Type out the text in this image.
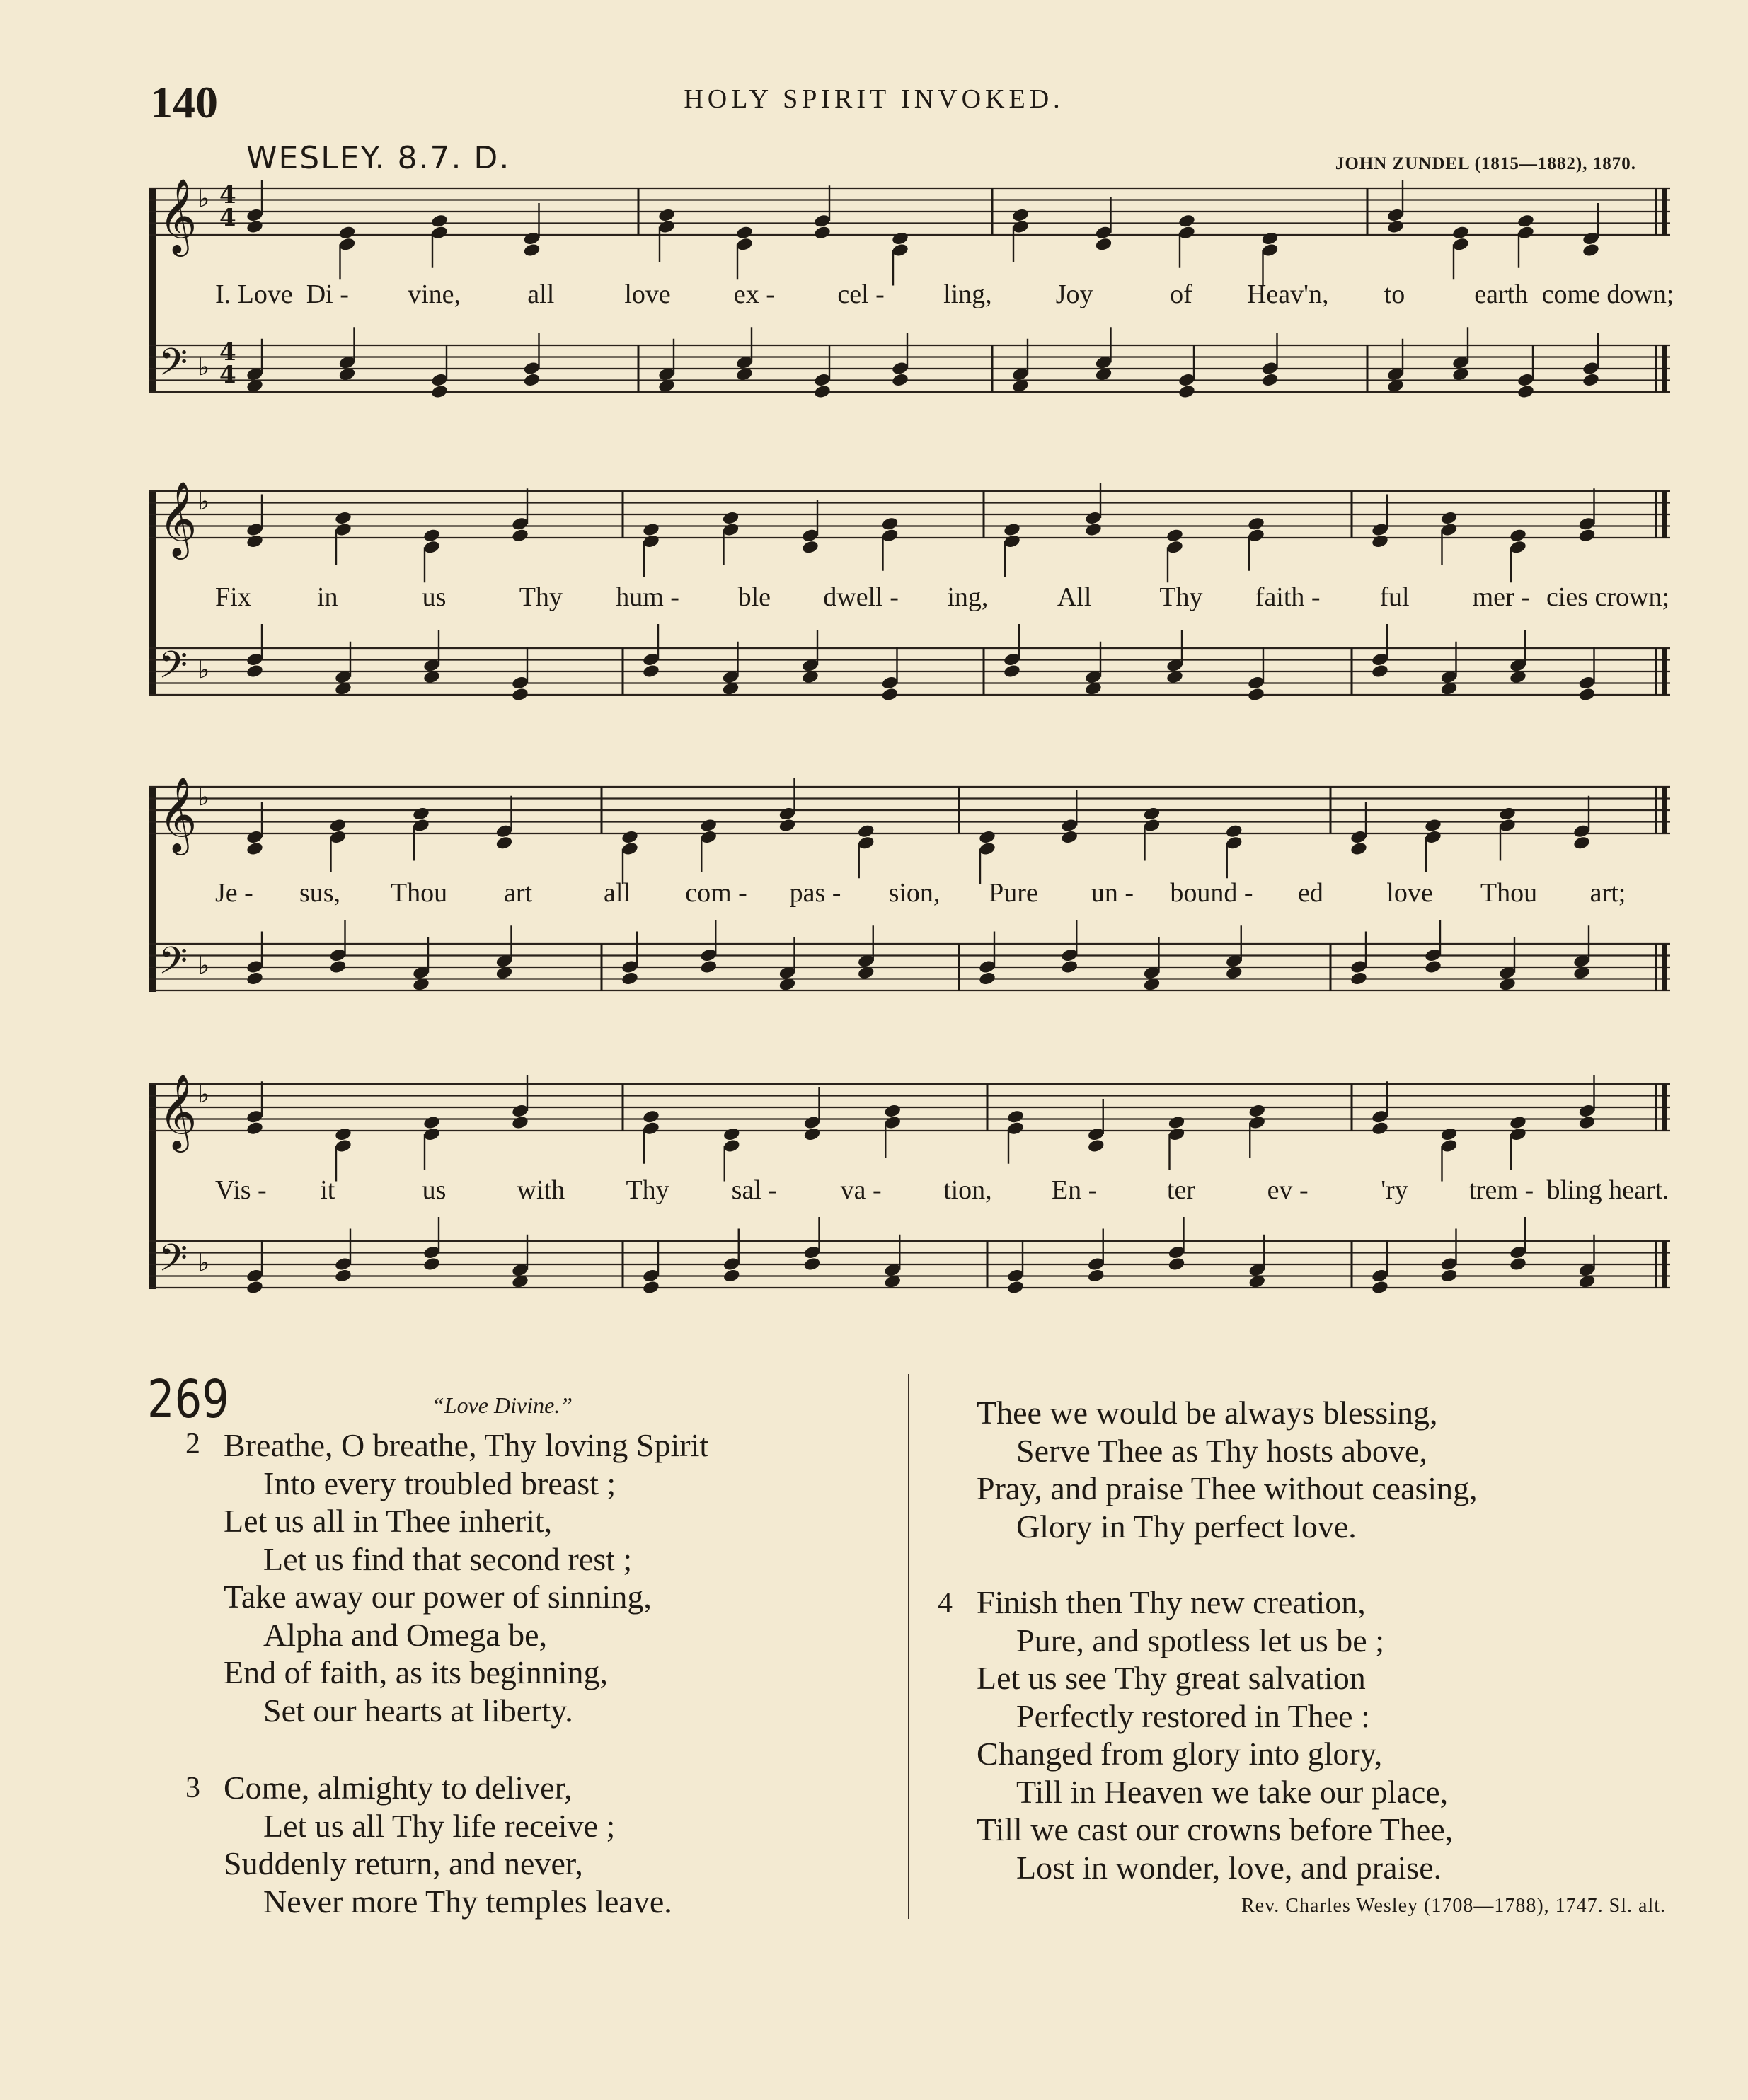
140	HOLY SPIRIT INVOKED.
WESLEY. 8.7. D.	JOHN ZUNDEL (1815—1882), 1870.
𝄞 ♭
𝄢 ♭
I. Love Di - vine, all	love ex - cel - ling, Joy	of Heav'n, to	earth come down;
4
4
4
4
𝄞 ♭
𝄢 ♭
Fix in	us	Thy hum - ble dwell - ing,	All	Thy faith - ful mer - cies crown;
𝄞 ♭
𝄢 ♭
Je - sus, Thou art	all com - pas - sion, Pure un - bound - ed love Thou art;
𝄞 ♭
𝄢 ♭
Vis - it	us	with Thy sal - va - tion, En -	ter	ev -	'ry trem - bling heart.
269	“Love Divine.”
2 Breathe, O breathe, Thy loving Spirit
Into every troubled breast ;
Let us all in Thee inherit,
Let us find that second rest ;
Take away our power of sinning,
Alpha and Omega be,
End of faith, as its beginning,
Set our hearts at liberty.
3 Come, almighty to deliver,
Let us all Thy life receive ;
Suddenly return, and never,
Never more Thy temples leave.
Thee we would be always blessing,
Serve Thee as Thy hosts above,
Pray, and praise Thee without ceasing,
Glory in Thy perfect love.
4 Finish then Thy new creation,
Pure, and spotless let us be ;
Let us see Thy great salvation
Perfectly restored in Thee :
Changed from glory into glory,
Till in Heaven we take our place,
Till we cast our crowns before Thee,
Lost in wonder, love, and praise.
Rev. Charles Wesley (1708—1788), 1747. Sl. alt.
